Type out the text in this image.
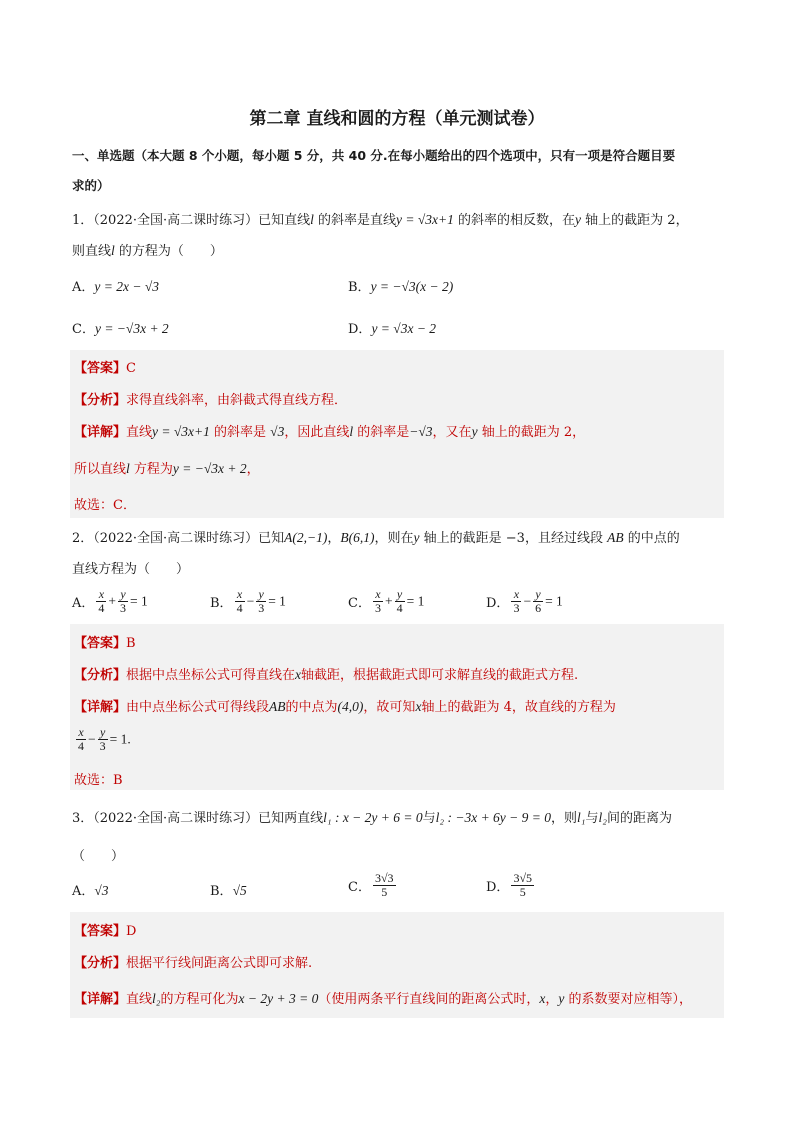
第二章 直线和圆的方程（单元测试卷）
一、单选题（本大题 8 个小题，每小题 5 分，共 40 分.在每小题给出的四个选项中，只有一项是符合题目要
求的）
1．（2022·全国·高二课时练习）已知直线l 的斜率是直线y = √3x+1 的斜率的相反数，在y 轴上的截距为 2，
则直线l 的方程为（　　）
A．y = 2x − √3	B．y = −√3(x − 2)
C．y = −√3x + 2	D．y = √3x − 2
【答案】C
【分析】求得直线斜率，由斜截式得直线方程．
【详解】直线y = √3x+1 的斜率是 √3，因此直线l 的斜率是−√3，又在y 轴上的截距为 2，
所以直线l 方程为y = −√3x + 2，
故选：C．
2．（2022·全国·高二课时练习）已知A(2,−1)，B(6,1)，则在y 轴上的截距是 −3，且经过线段 AB 的中点的
直线方程为（　　）
A． $\frac{x}{4} + \frac{y}{3} = 1$	B． $\frac{x}{4} - \frac{y}{3} = 1$	C． $\frac{x}{3} + \frac{y}{4} = 1$	D． $\frac{x}{3} - \frac{y}{6} = 1$
【答案】B
【分析】根据中点坐标公式可得直线在x轴截距，根据截距式即可求解直线的截距式方程.
【详解】由中点坐标公式可得线段AB的中点为(4,0)，故可知x轴上的截距为 4，故直线的方程为
$\frac{x}{4} - \frac{y}{3} = 1$.
故选：B
3．（2022·全国·高二课时练习）已知两直线l₁ : x − 2y + 6 = 0与l₂ : −3x + 6y − 9 = 0，则l₁与l₂间的距离为
（　　）
A．√3	B．√5	C． $\frac{3√3}{5}$	D． $\frac{3√5}{5}$
【答案】D
【分析】根据平行线间距离公式即可求解.
【详解】直线l₂的方程可化为x − 2y + 3 = 0（使用两条平行直线间的距离公式时，x，y 的系数要对应相等），
